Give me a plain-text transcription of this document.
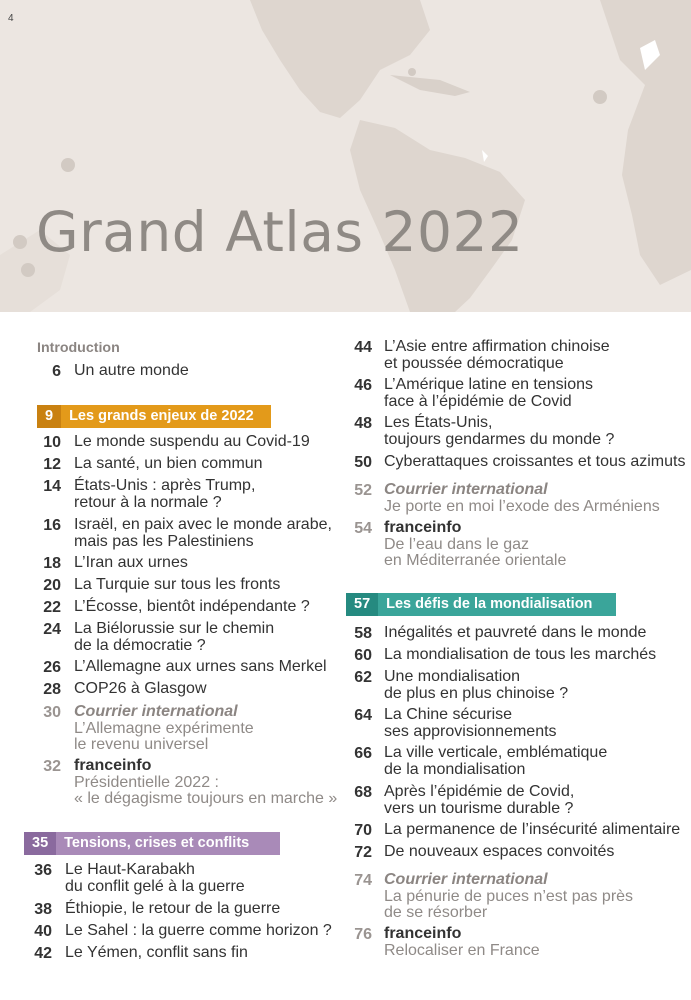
4
Grand Atlas 2022
Introduction
6 Un autre monde
9	Les grands enjeux de 2022
10 Le monde suspendu au Covid-19
12 La santé, un bien commun
14 États-Unis : après Trump,
retour à la normale ?
16 Israël, en paix avec le monde arabe,
mais pas les Palestiniens
18 L’Iran aux urnes
20 La Turquie sur tous les fronts
22 L’Écosse, bientôt indépendante ?
24 La Biélorussie sur le chemin
de la démocratie ?
26 L’Allemagne aux urnes sans Merkel
28 COP26 à Glasgow
30 Courrier international
L’Allemagne expérimente
le revenu universel
32 franceinfo
Présidentielle 2022 :
« le dégagisme toujours en marche »
35	Tensions, crises et conflits
36 Le Haut-Karabakh
du conflit gelé à la guerre
38 Éthiopie, le retour de la guerre
40 Le Sahel : la guerre comme horizon ?
42 Le Yémen, conflit sans fin
44 L’Asie entre affirmation chinoise
et poussée démocratique
46 L’Amérique latine en tensions
face à l’épidémie de Covid
48 Les États-Unis,
toujours gendarmes du monde ?
50 Cyberattaques croissantes et tous azimuts
52 Courrier international
Je porte en moi l’exode des Arméniens
54 franceinfo
De l’eau dans le gaz
en Méditerranée orientale
57	Les défis de la mondialisation
58 Inégalités et pauvreté dans le monde
60 La mondialisation de tous les marchés
62 Une mondialisation
de plus en plus chinoise ?
64 La Chine sécurise
ses approvisionnements
66 La ville verticale, emblématique
de la mondialisation
68 Après l’épidémie de Covid,
vers un tourisme durable ?
70 La permanence de l’insécurité alimentaire
72 De nouveaux espaces convoités
74 Courrier international
La pénurie de puces n’est pas près
de se résorber
76 franceinfo
Relocaliser en France
